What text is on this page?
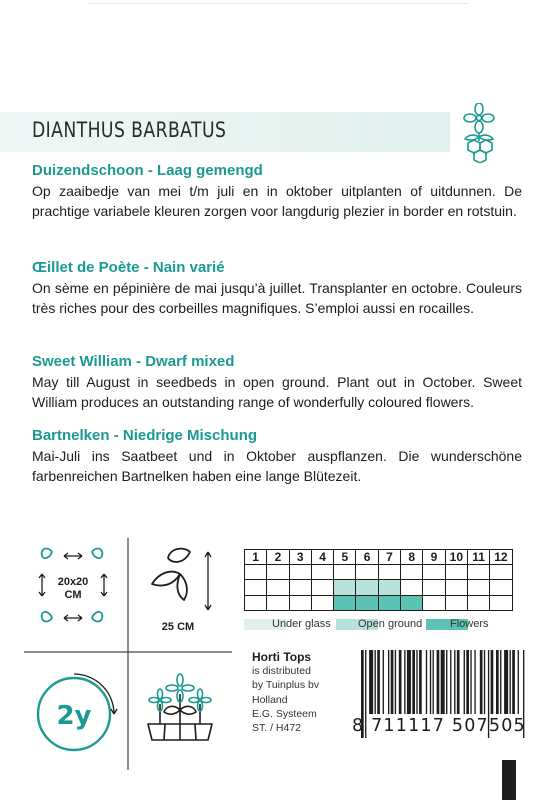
DIANTHUS BARBATUS
Duizendschoon - Laag gemengd

Op zaaibedje van mei t/m juli en in oktober uitplanten of uitdunnen. De prachtige variabele kleuren zorgen voor langdurig plezier in border en rotstuin.

Œillet de Poète - Nain varié

On sème en pépinière de mai jusqu’à juillet. Transplanter en octobre. Couleurs très riches pour des corbeilles magnifiques. S’emploi aussi en rocailles.

Sweet William - Dwarf mixed

May till August in seedbeds in open ground. Plant out in October. Sweet William produces an outstanding range of wonderfully coloured flowers.

Bartnelken - Niedrige Mischung

Mai-Juli ins Saatbeet und in Oktober auspflanzen. Die wunderschöne farbenreichen Bartnelken haben eine lange Blütezeit.

20x20
CM
25 CM
2y
1	2	3	4	5	6	7	8	9	10	11	12

Under glass Open ground	Flowers
Horti Tops
is distributed
by Tuinplus bv
Holland
E.G. Systeem
ST. / H472	8 711117 507505
